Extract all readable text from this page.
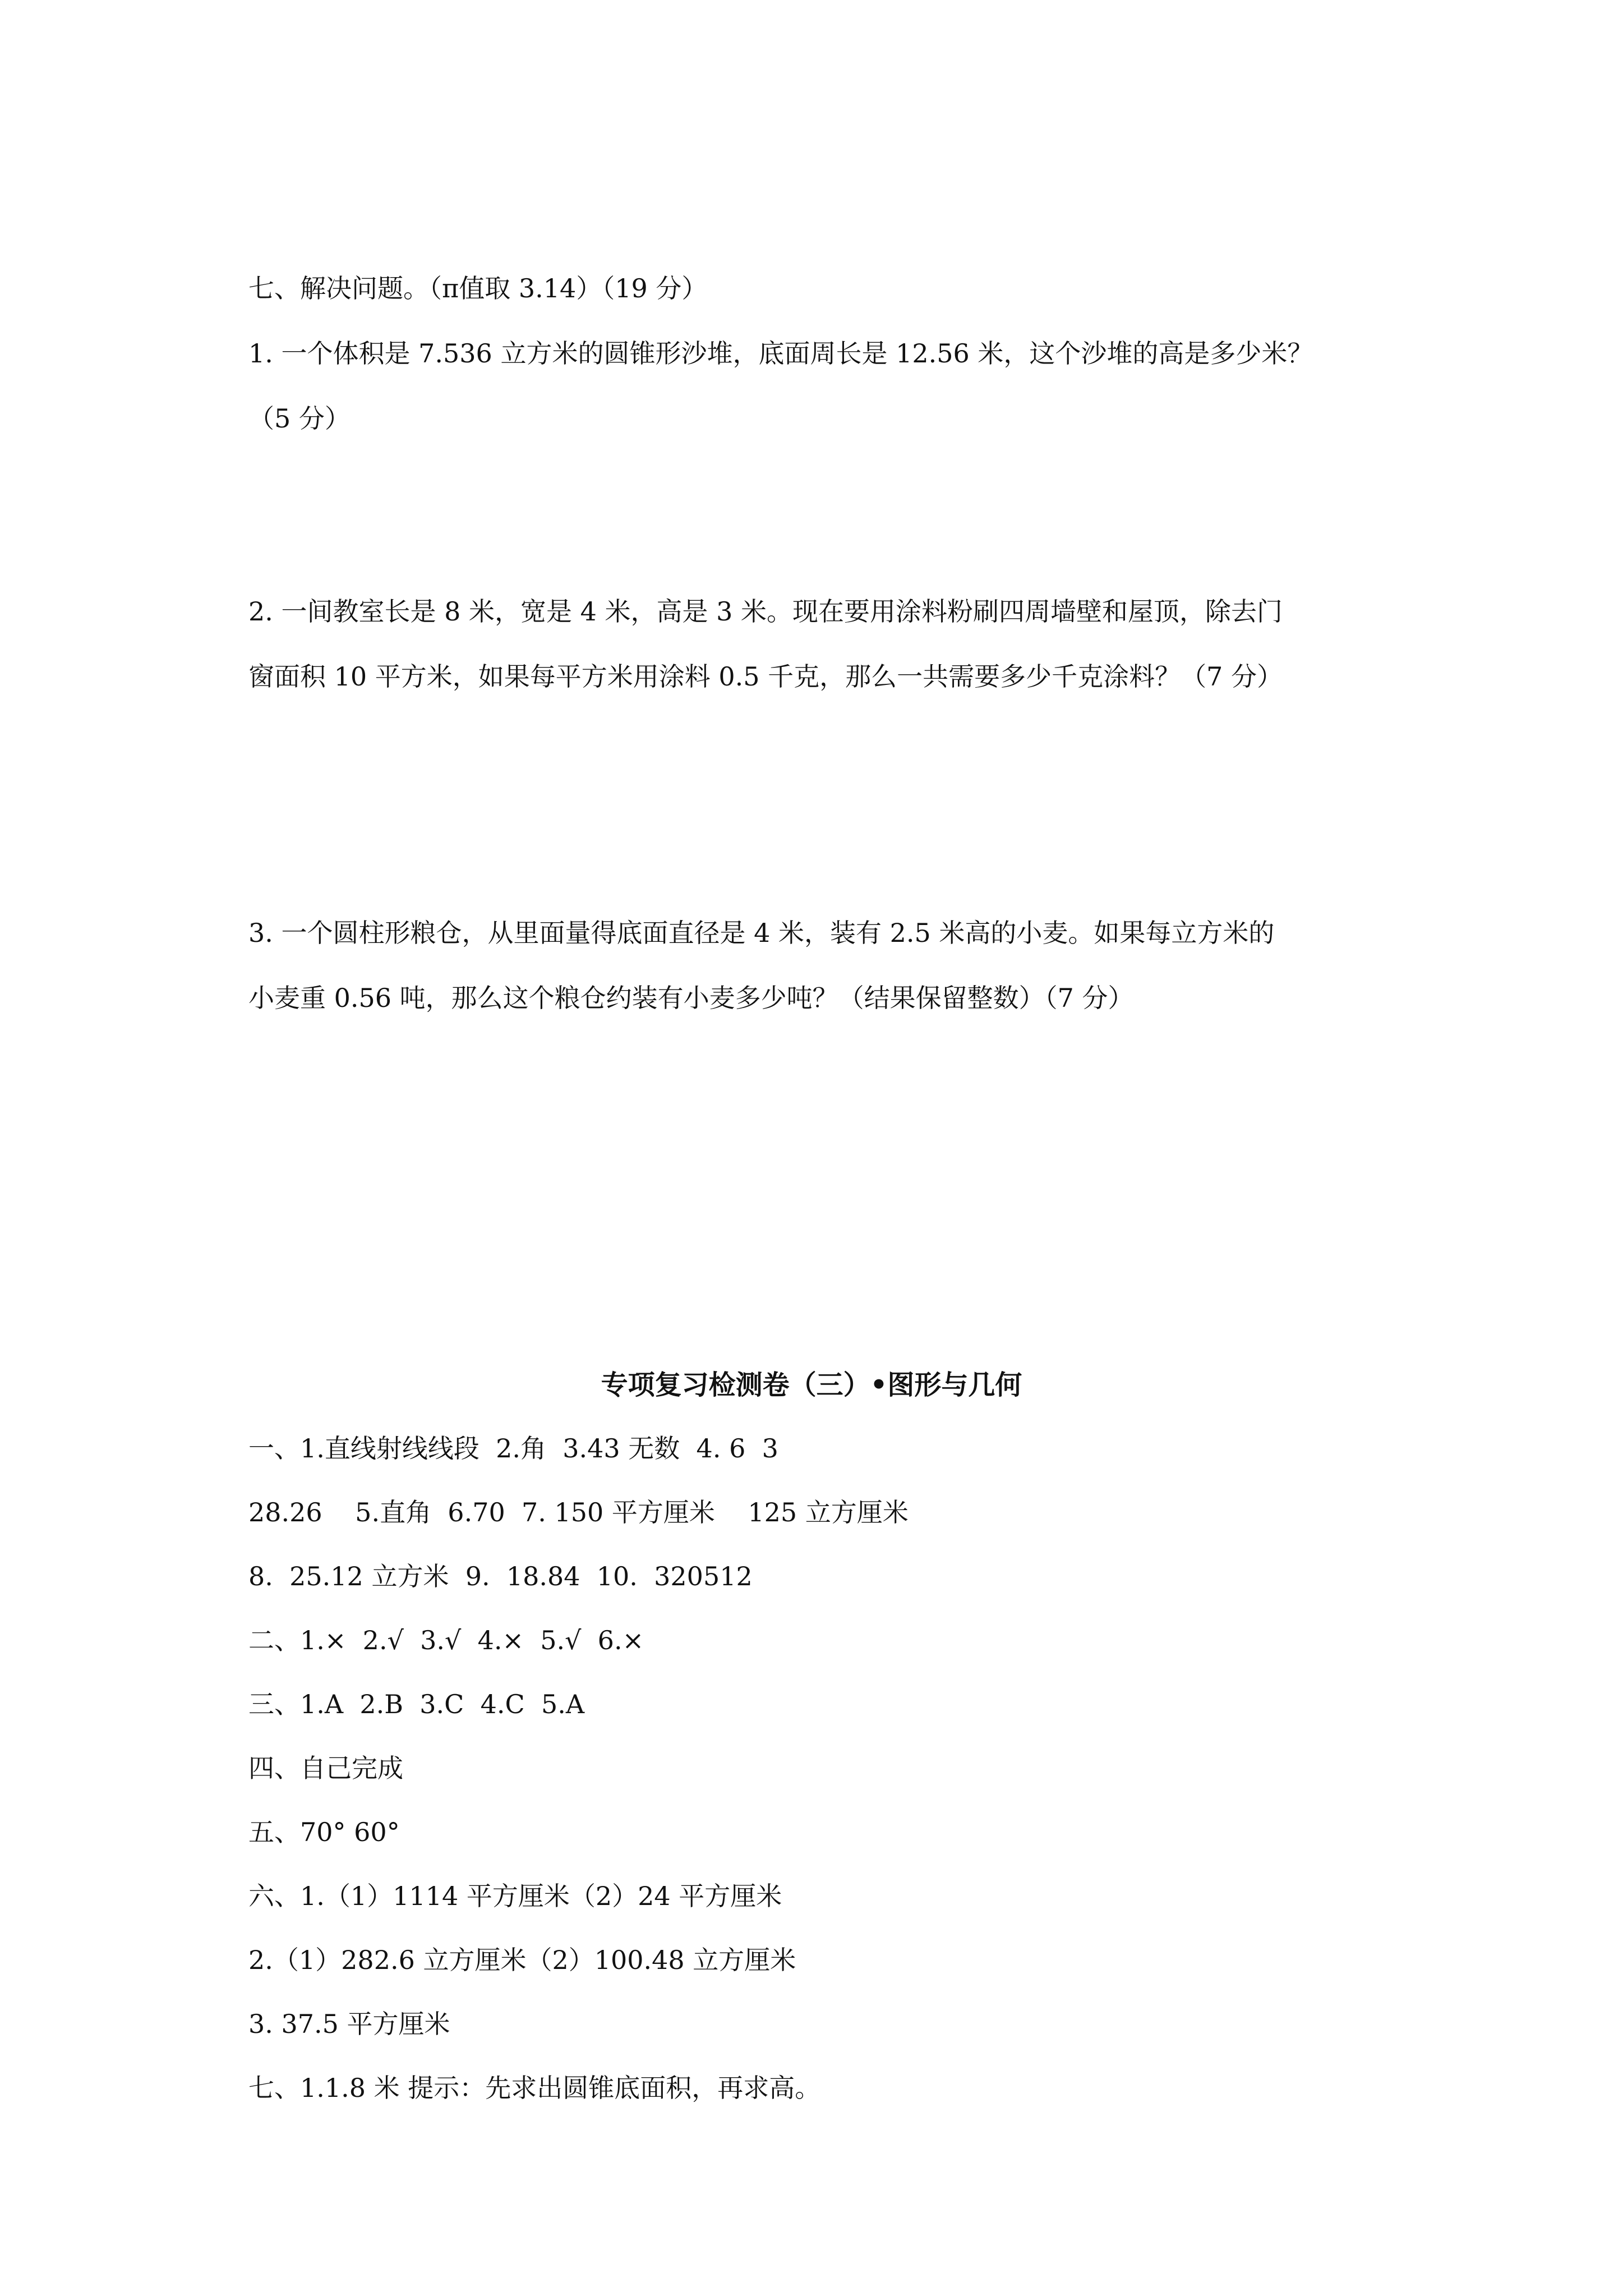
七、解决问题。（π值取 3.14）（19 分）

1. 一个体积是 7.536 立方米的圆锥形沙堆，底面周长是 12.56 米，这个沙堆的高是多少米？

（5 分）

2. 一间教室长是 8 米，宽是 4 米，高是 3 米。现在要用涂料粉刷四周墙壁和屋顶，除去门

窗面积 10 平方米，如果每平方米用涂料 0.5 千克，那么一共需要多少千克涂料？（7 分）

3. 一个圆柱形粮仓，从里面量得底面直径是 4 米，装有 2.5 米高的小麦。如果每立方米的

小麦重 0.56 吨，那么这个粮仓约装有小麦多少吨？（结果保留整数）（7 分）

专项复习检测卷（三）•图形与几何

一、1.直线射线线段  2.角  3.43 无数  4. 6  3

28.26    5.直角  6.70  7. 150 平方厘米    125 立方厘米

8.  25.12 立方米  9.  18.84  10.  320512

二、1.×  2.√  3.√  4.×  5.√  6.×

三、1.A  2.B  3.C  4.C  5.A

四、自己完成

五、70° 60°

六、1.（1）1114 平方厘米（2）24 平方厘米

2.（1）282.6 立方厘米（2）100.48 立方厘米

3. 37.5 平方厘米

七、1.1.8 米 提示：先求出圆锥底面积，再求高。
